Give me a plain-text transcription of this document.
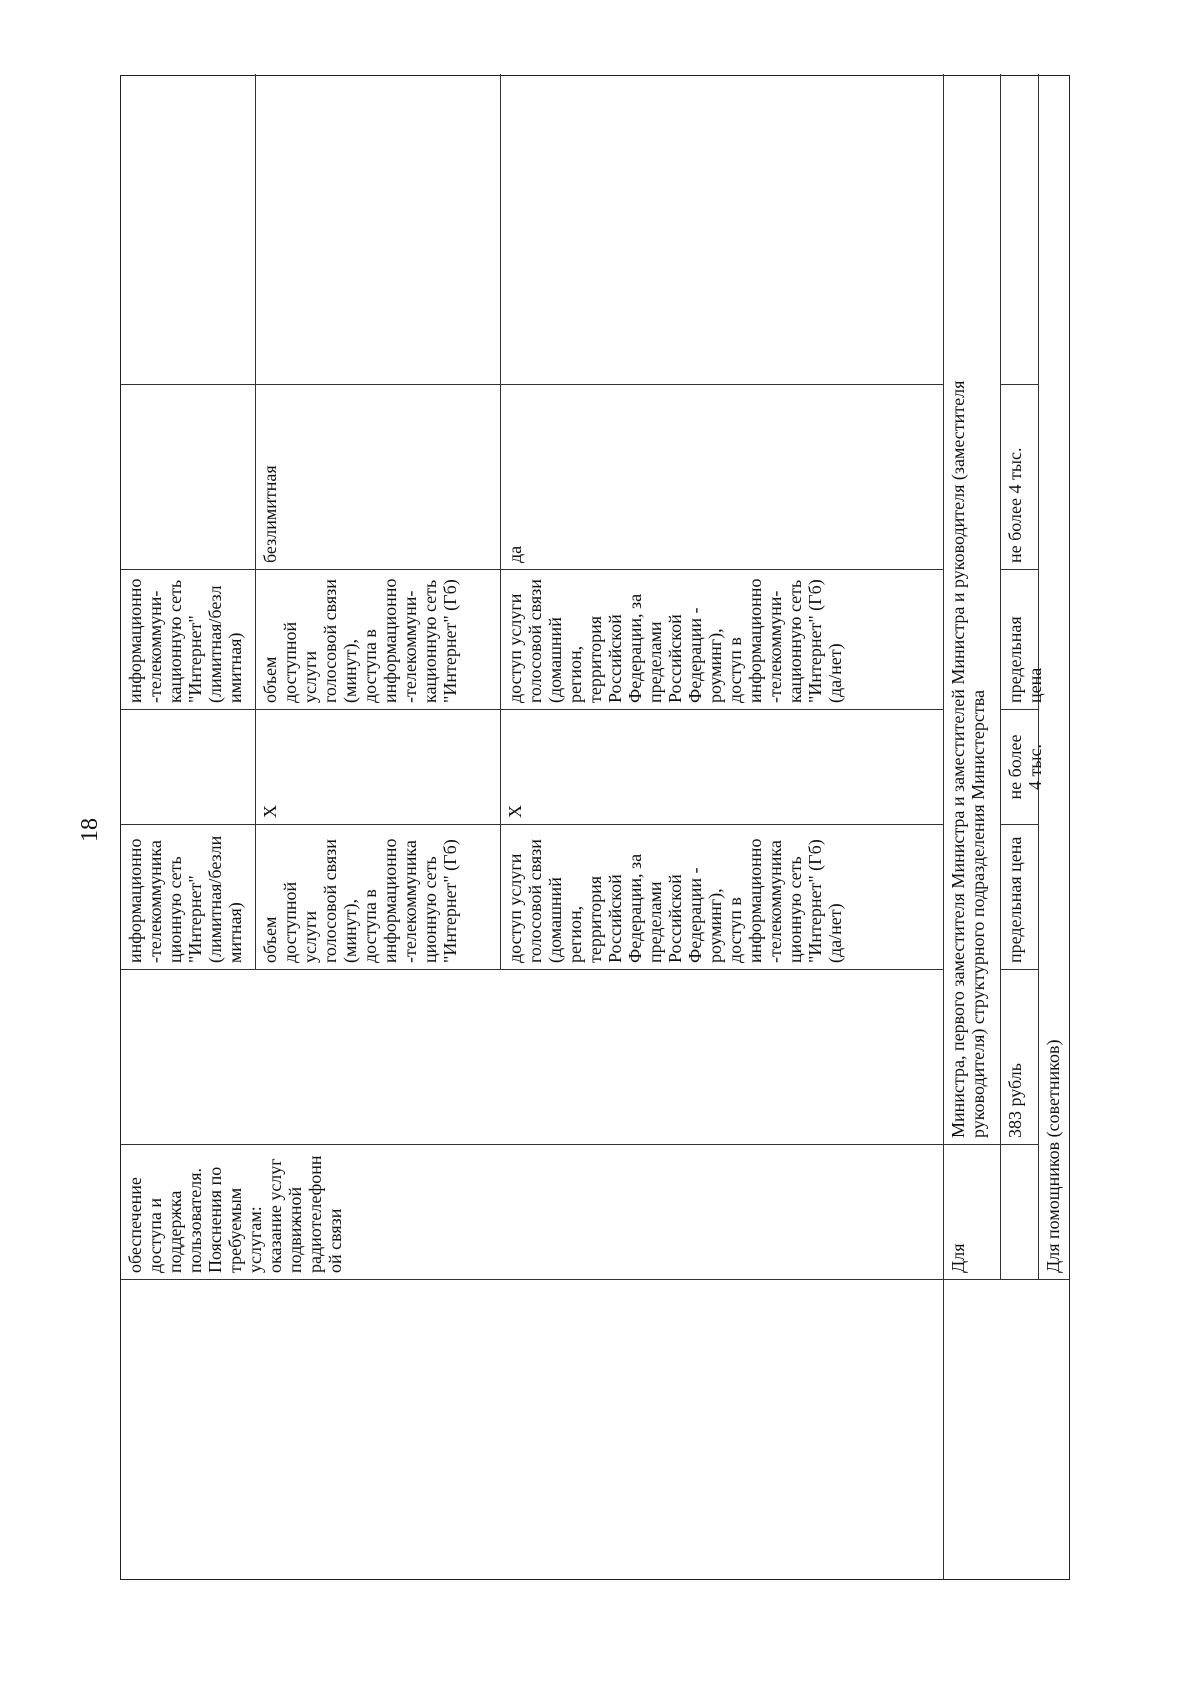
18
обеспечение
доступа и
поддержка
пользователя.
Пояснения по
требуемым
услугам:
оказание услуг
подвижной
радиотелефонн
ой связи
информационно
-телекоммуника
ционную сеть
"Интернет"
(лимитная/безли
митная) объем
доступной
услуги
голосовой связи
(минут),
доступа в
информационно
-телекоммуника
ционную сеть
"Интернет" (Гб)
доступ услуги
голосовой связи
(домашний
регион,
территория
Российской
Федерации, за
пределами
Российской
Федерации -
роуминг),
доступ в
информационно
-телекоммуника
ционную сеть
"Интернет" (Гб)
(да/нет)
X	X
информационно
-телекоммуни-
кационную сеть
"Интернет"
(лимитная/безл
имитная) объем
доступной
услуги
голосовой связи
(минут),
доступа в
информационно
-телекоммуни-
кационную сеть
"Интернет" (Гб)
доступ услуги
голосовой связи
(домашний
регион,
территория
Российской
Федерации, за
пределами
Российской
Федерации -
роуминг),
доступ в
информационно
-телекоммуни-
кационную сеть
"Интернет" (Гб)
(да/нет)
безлимитная	да
Для
Министра, первого заместителя Министра и заместителей Министра и руководителя (заместителя
руководителя) структурного подразделения Министерства
383 рубль
предельная цена
не более
4 тыс.
предельная
цена
не более 4 тыс.
Для помощников (советников)
